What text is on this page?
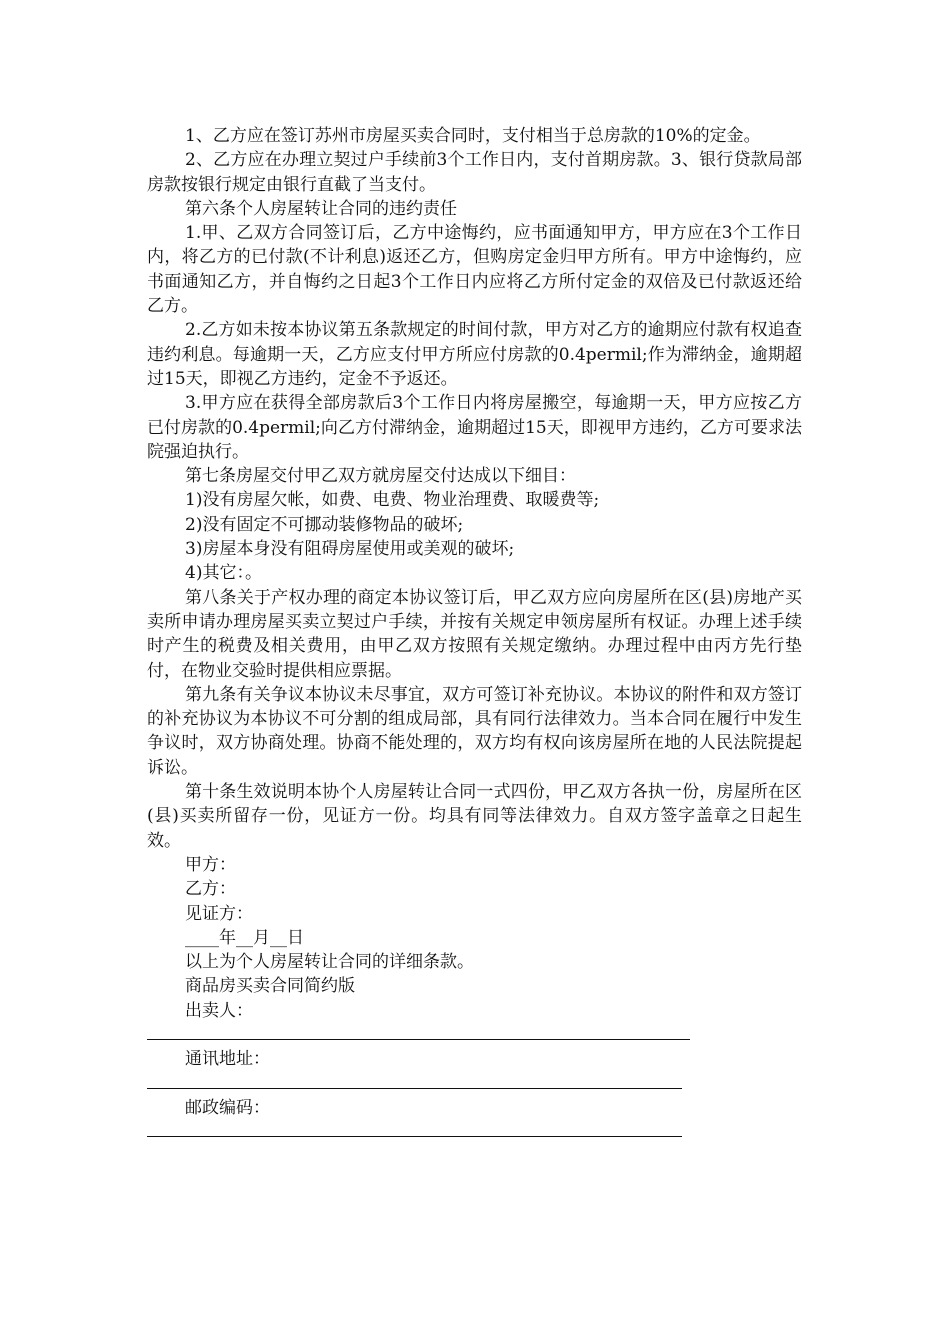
1、乙方应在签订苏州市房屋买卖合同时，支付相当于总房款的10%的定金。

2、乙方应在办理立契过户手续前3个工作日内，支付首期房款。3、银行贷款局部房款按银行规定由银行直截了当支付。

第六条个人房屋转让合同的违约责任

1.甲、乙双方合同签订后，乙方中途悔约，应书面通知甲方，甲方应在3个工作日内，将乙方的已付款(不计利息)返还乙方，但购房定金归甲方所有。甲方中途悔约，应书面通知乙方，并自悔约之日起3个工作日内应将乙方所付定金的双倍及已付款返还给乙方。

2.乙方如未按本协议第五条款规定的时间付款，甲方对乙方的逾期应付款有权追查违约利息。每逾期一天，乙方应支付甲方所应付房款的0.4permil;作为滞纳金，逾期超过15天，即视乙方违约，定金不予返还。

3.甲方应在获得全部房款后3个工作日内将房屋搬空，每逾期一天，甲方应按乙方已付房款的0.4permil;向乙方付滞纳金，逾期超过15天，即视甲方违约，乙方可要求法院强迫执行。

第七条房屋交付甲乙双方就房屋交付达成以下细目：

1)没有房屋欠帐，如费、电费、物业治理费、取暖费等;

2)没有固定不可挪动装修物品的破坏;

3)房屋本身没有阻碍房屋使用或美观的破坏;

4)其它：。

第八条关于产权办理的商定本协议签订后，甲乙双方应向房屋所在区(县)房地产买卖所申请办理房屋买卖立契过户手续，并按有关规定申领房屋所有权证。办理上述手续时产生的税费及相关费用，由甲乙双方按照有关规定缴纳。办理过程中由丙方先行垫付，在物业交验时提供相应票据。

第九条有关争议本协议未尽事宜，双方可签订补充协议。本协议的附件和双方签订的补充协议为本协议不可分割的组成局部，具有同行法律效力。当本合同在履行中发生争议时，双方协商处理。协商不能处理的，双方均有权向该房屋所在地的人民法院提起诉讼。

第十条生效说明本协个人房屋转让合同一式四份，甲乙双方各执一份，房屋所在区(县)买卖所留存一份，见证方一份。均具有同等法律效力。自双方签字盖章之日起生效。

甲方：

乙方：

见证方：

____年__月__日

以上为个人房屋转让合同的详细条款。

商品房买卖合同简约版

出卖人：

通讯地址：

邮政编码：
